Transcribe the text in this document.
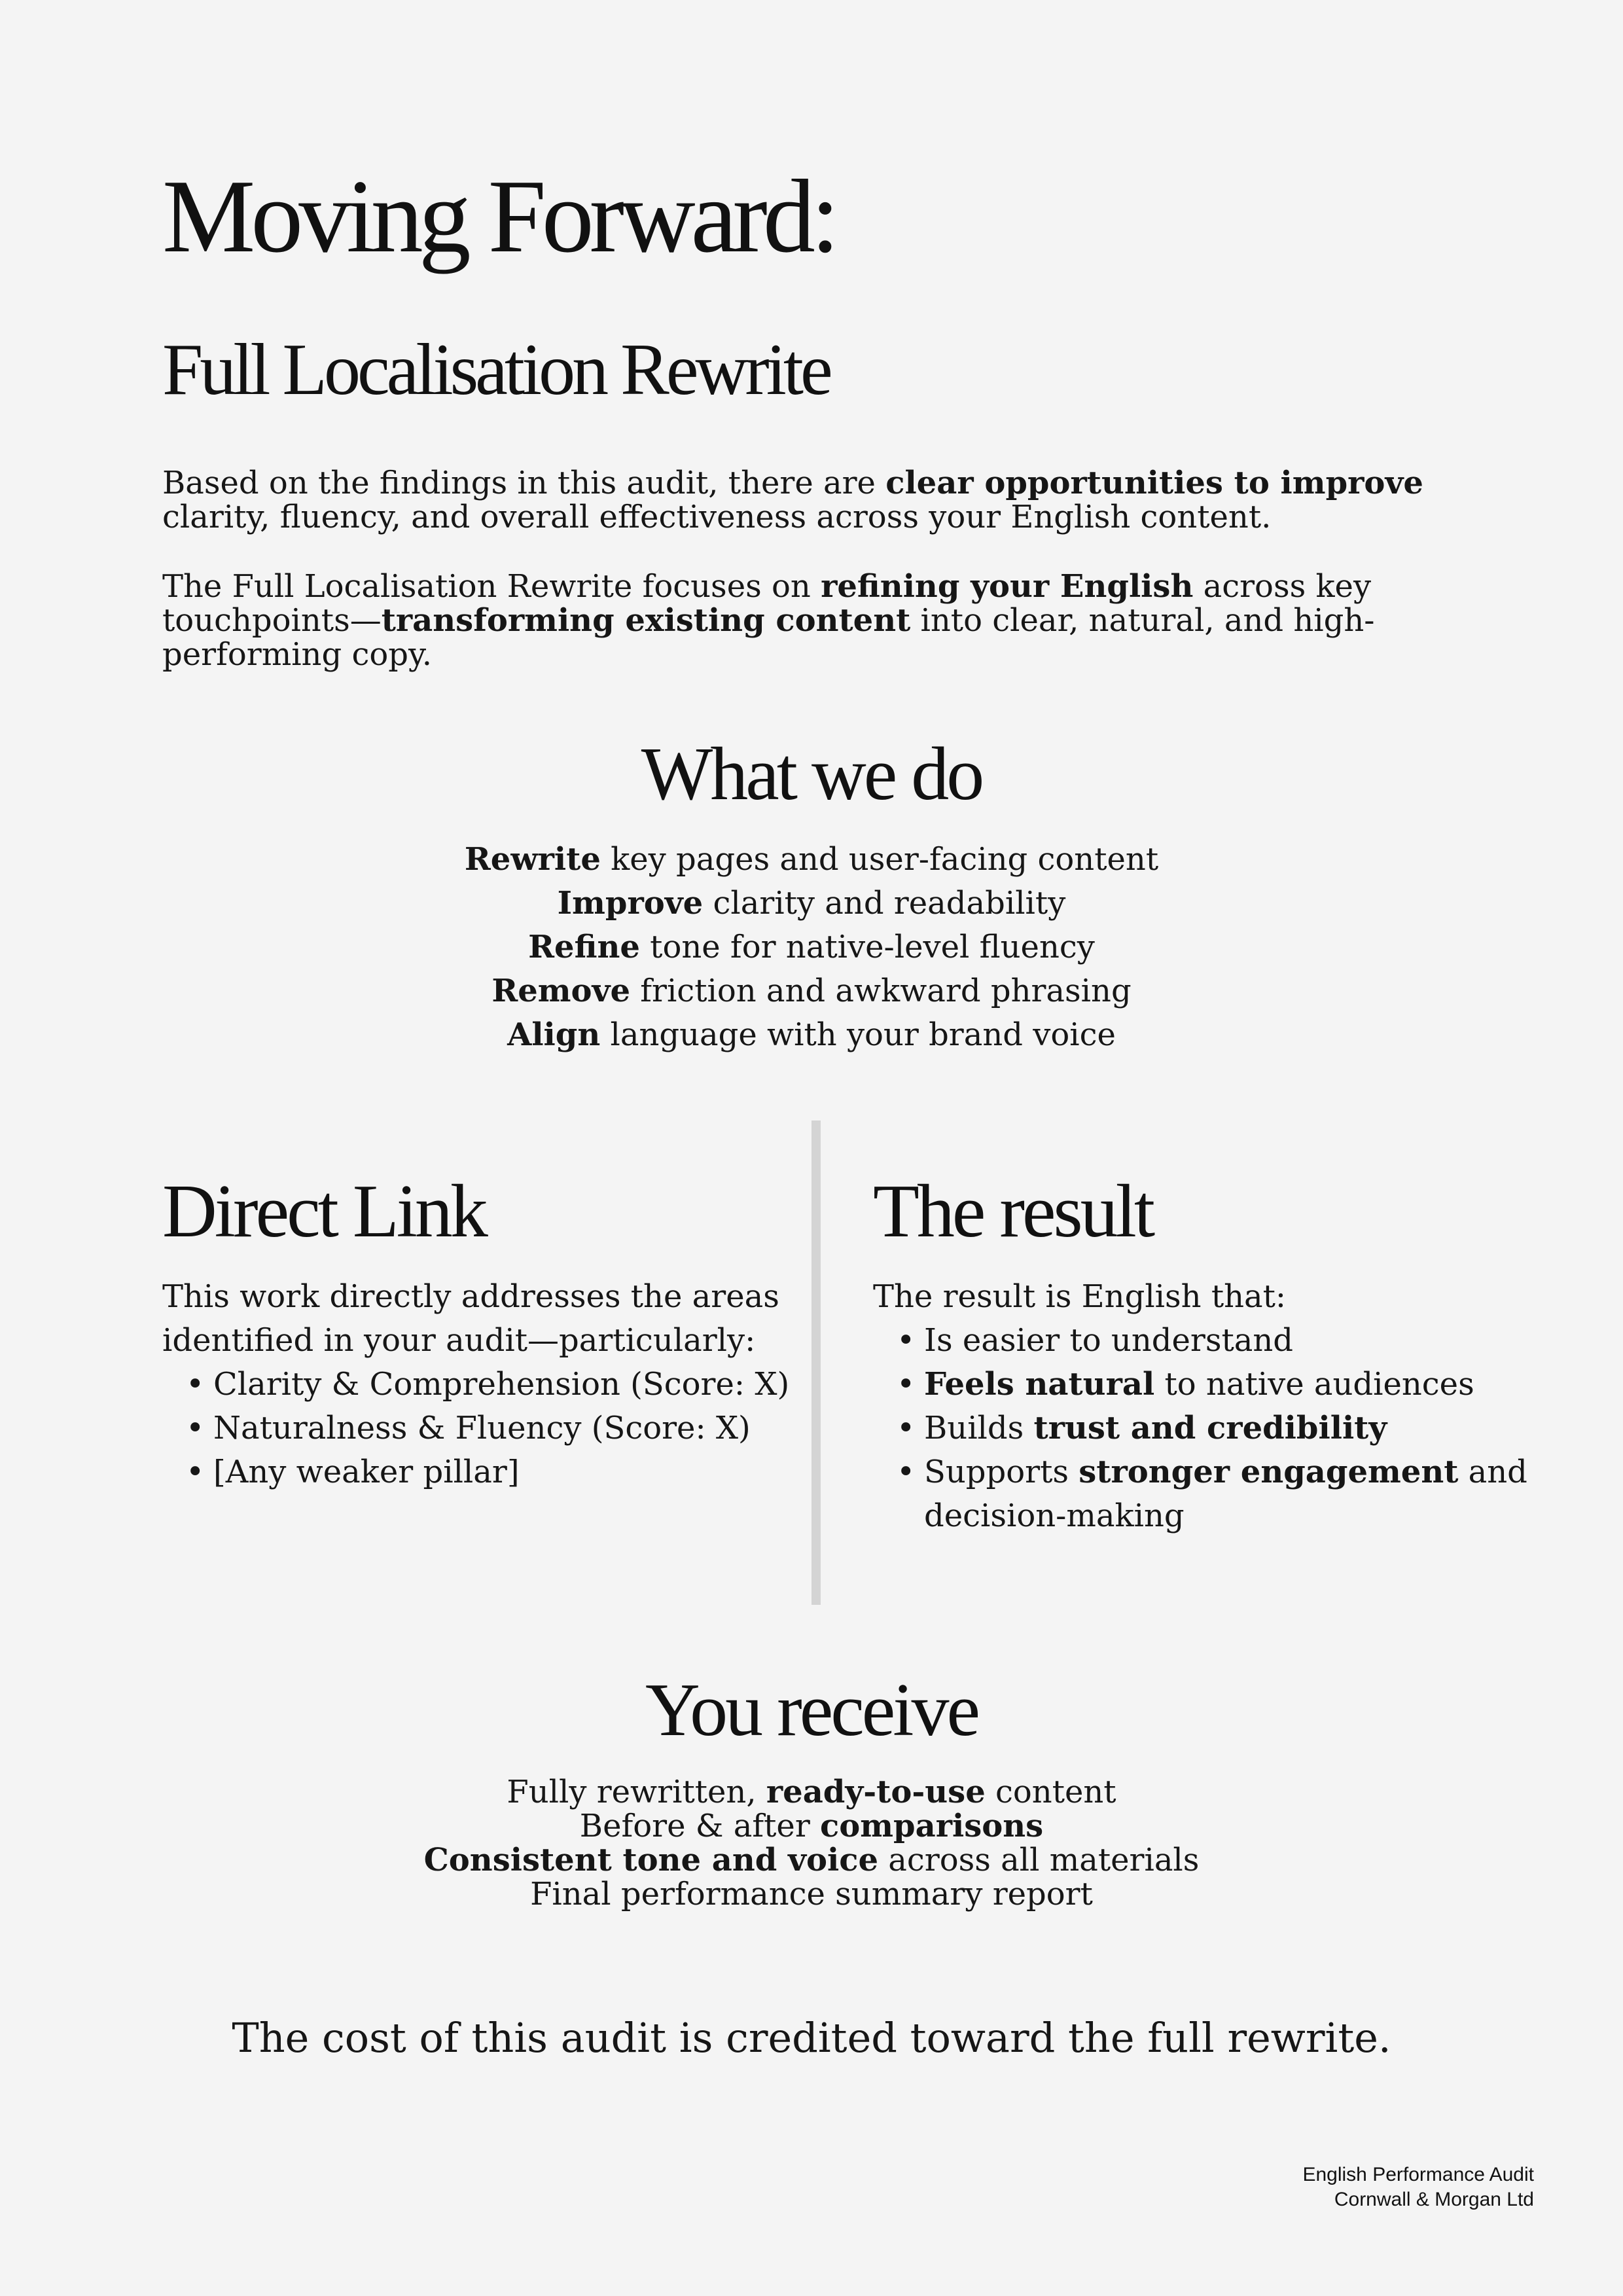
Moving Forward:
Full Localisation Rewrite

Based on the findings in this audit, there are clear opportunities to improve clarity, fluency, and overall effectiveness across your English content.

The Full Localisation Rewrite focuses on refining your English across key touchpoints—transforming existing content into clear, natural, and high-performing copy.

What we do
Rewrite key pages and user-facing content
Improve clarity and readability
Refine tone for native-level fluency
Remove friction and awkward phrasing
Align language with your brand voice
Direct Link

This work directly addresses the areas identified in your audit—particularly:

• Clarity & Comprehension (Score: X)
• Naturalness & Fluency (Score: X)
• [Any weaker pillar]
The result

The result is English that:

• Is easier to understand
• Feels natural to native audiences
• Builds trust and credibility
• Supports stronger engagement and decision-making
You receive
Fully rewritten, ready-to-use content
Before & after comparisons
Consistent tone and voice across all materials
Final performance summary report

The cost of this audit is credited toward the full rewrite.

English Performance Audit
Cornwall & Morgan Ltd
